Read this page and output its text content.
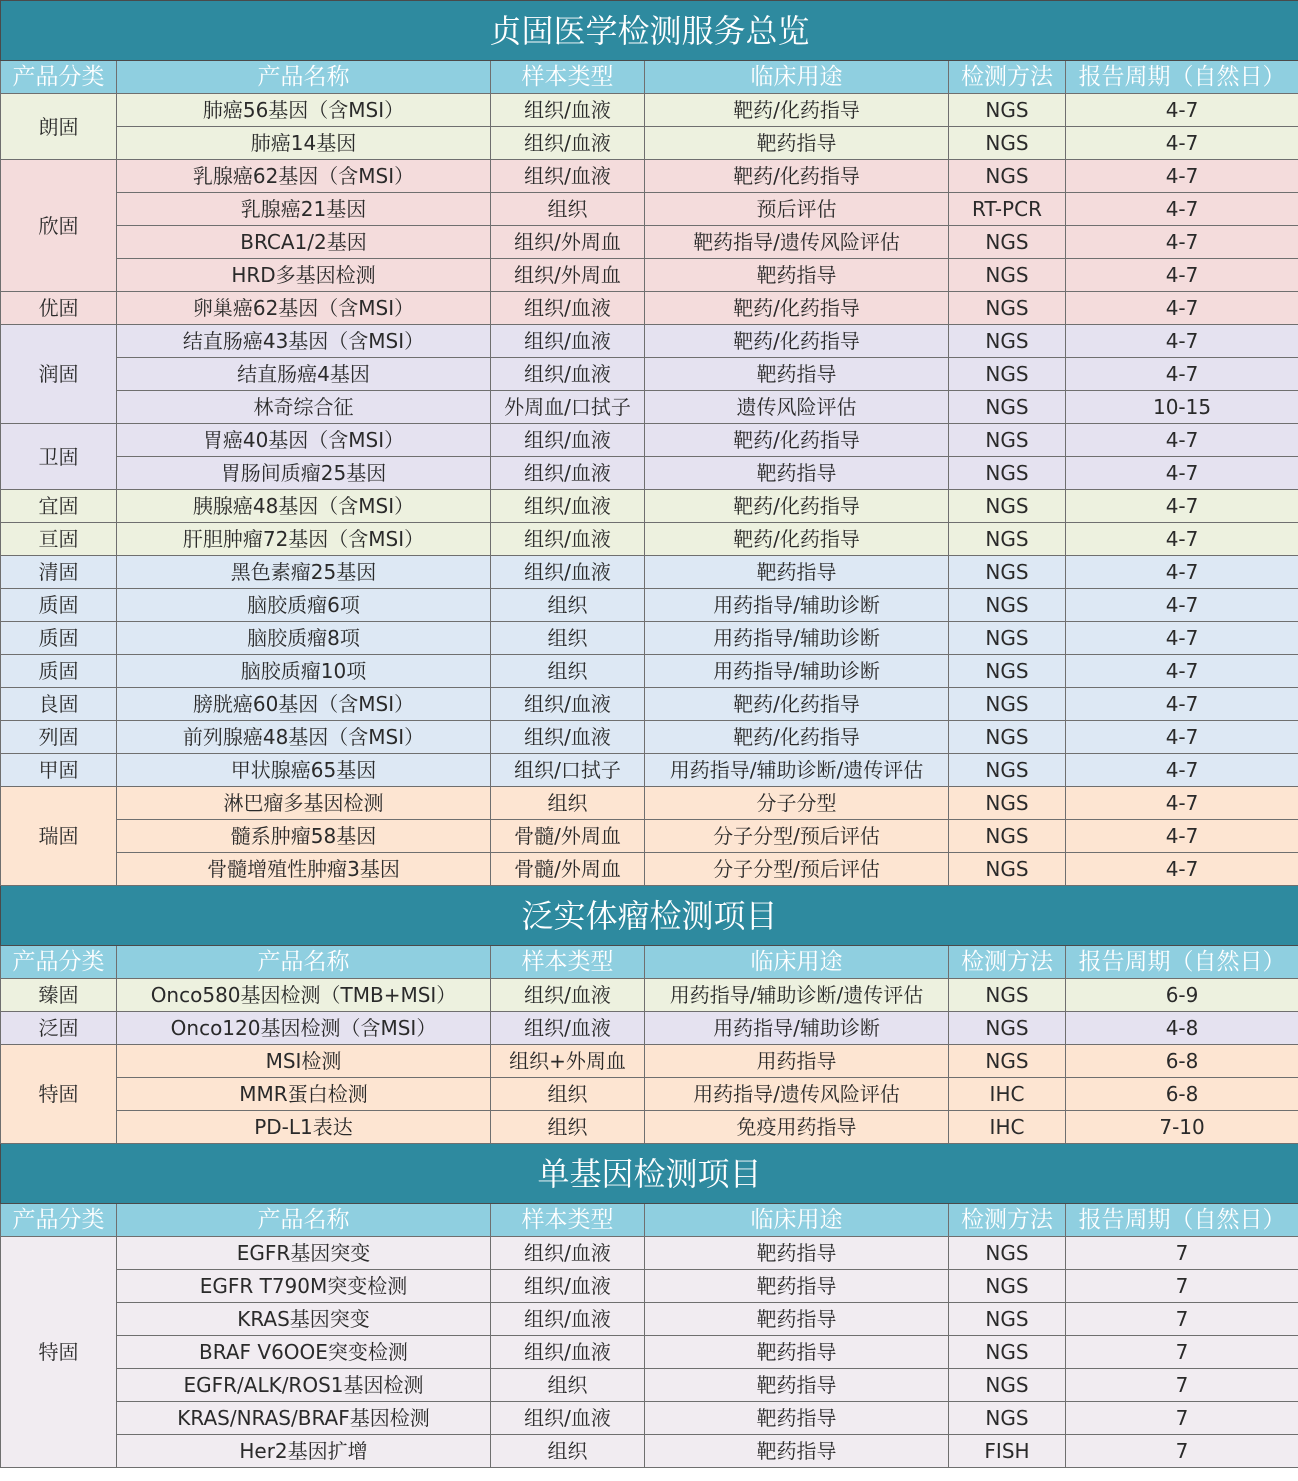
贞固医学检测服务总览					
产品分类	产品名称	样本类型	临床用途	检测方法	报告周期（自然日）
朗固	肺癌56基因（含MSI）	组织/血液	靶药/化药指导	NGS	4-7
	肺癌14基因	组织/血液	靶药指导	NGS	4-7
欣固	乳腺癌62基因（含MSI）	组织/血液	靶药/化药指导	NGS	4-7
	乳腺癌21基因	组织	预后评估	RT-PCR	4-7
	BRCA1/2基因	组织/外周血	靶药指导/遗传风险评估	NGS	4-7
	HRD多基因检测	组织/外周血	靶药指导	NGS	4-7
优固	卵巢癌62基因（含MSI）	组织/血液	靶药/化药指导	NGS	4-7
润固	结直肠癌43基因（含MSI）	组织/血液	靶药/化药指导	NGS	4-7
	结直肠癌4基因	组织/血液	靶药指导	NGS	4-7
	林奇综合征	外周血/口拭子	遗传风险评估	NGS	10-15
卫固	胃癌40基因（含MSI）	组织/血液	靶药/化药指导	NGS	4-7
	胃肠间质瘤25基因	组织/血液	靶药指导	NGS	4-7
宜固	胰腺癌48基因（含MSI）	组织/血液	靶药/化药指导	NGS	4-7
亘固	肝胆肿瘤72基因（含MSI）	组织/血液	靶药/化药指导	NGS	4-7
清固	黑色素瘤25基因	组织/血液	靶药指导	NGS	4-7
质固	脑胶质瘤6项	组织	用药指导/辅助诊断	NGS	4-7
质固	脑胶质瘤8项	组织	用药指导/辅助诊断	NGS	4-7
质固	脑胶质瘤10项	组织	用药指导/辅助诊断	NGS	4-7
良固	膀胱癌60基因（含MSI）	组织/血液	靶药/化药指导	NGS	4-7
列固	前列腺癌48基因（含MSI）	组织/血液	靶药/化药指导	NGS	4-7
甲固	甲状腺癌65基因	组织/口拭子	用药指导/辅助诊断/遗传评估	NGS	4-7
瑞固	淋巴瘤多基因检测	组织	分子分型	NGS	4-7
	髓系肿瘤58基因	骨髓/外周血	分子分型/预后评估	NGS	4-7
	骨髓增殖性肿瘤3基因	骨髓/外周血	分子分型/预后评估	NGS	4-7
泛实体瘤检测项目					
产品分类	产品名称	样本类型	临床用途	检测方法	报告周期（自然日）
臻固	Onco580基因检测（TMB+MSI）	组织/血液	用药指导/辅助诊断/遗传评估	NGS	6-9
泛固	Onco120基因检测（含MSI）	组织/血液	用药指导/辅助诊断	NGS	4-8
特固	MSI检测	组织+外周血	用药指导	NGS	6-8
	MMR蛋白检测	组织	用药指导/遗传风险评估	IHC	6-8
	PD-L1表达	组织	免疫用药指导	IHC	7-10
单基因检测项目					
产品分类	产品名称	样本类型	临床用途	检测方法	报告周期（自然日）
特固	EGFR基因突变	组织/血液	靶药指导	NGS	7
	EGFR T790M突变检测	组织/血液	靶药指导	NGS	7
	KRAS基因突变	组织/血液	靶药指导	NGS	7
	BRAF V6OOE突变检测	组织/血液	靶药指导	NGS	7
	EGFR/ALK/ROS1基因检测	组织	靶药指导	NGS	7
	KRAS/NRAS/BRAF基因检测	组织/血液	靶药指导	NGS	7
	Her2基因扩增	组织	靶药指导	FISH	7
